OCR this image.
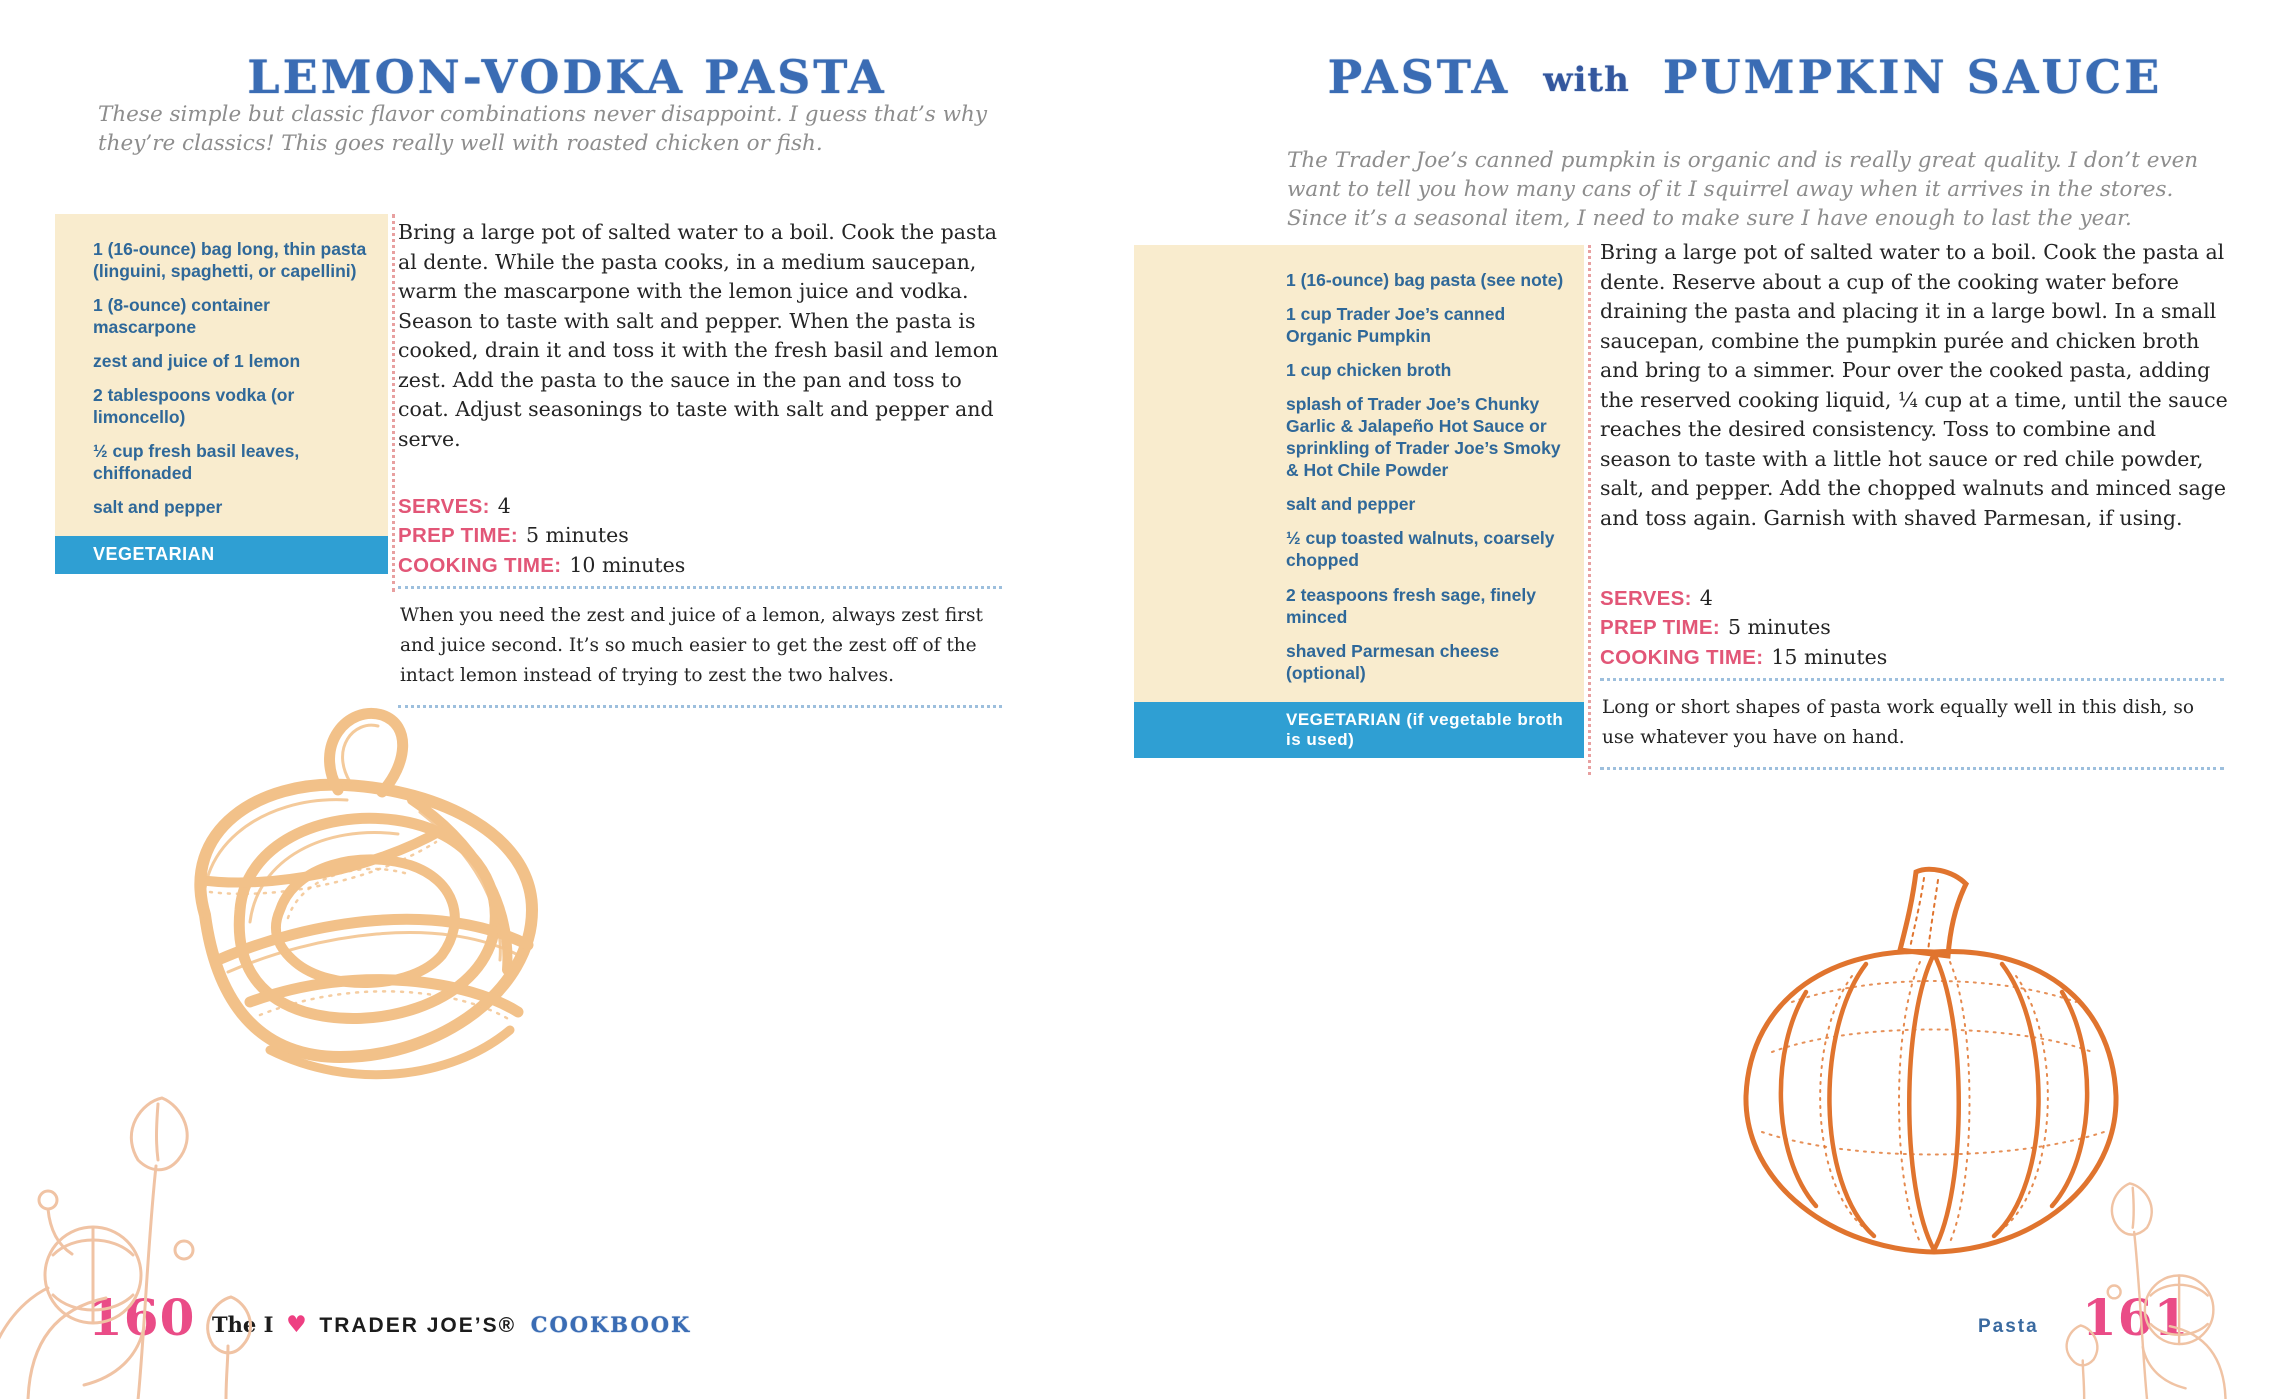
LEMON-VODKA PASTA
These simple but classic flavor combinations never disappoint. I guess that’s why they’re classics! This goes really well with roasted chicken or fish.
1 (16-ounce) bag long, thin pasta (linguini, spaghetti, or capellini)
1 (8-ounce) container mascarpone
zest and juice of 1 lemon
2 tablespoons vodka (or limoncello)
½ cup fresh basil leaves, chiffonaded
salt and pepper
VEGETARIAN
Bring a large pot of salted water to a boil. Cook the pasta al dente. While the pasta cooks, in a medium saucepan, warm the mascarpone with the lemon juice and vodka. Season to taste with salt and pepper. When the pasta is cooked, drain it and toss it with the fresh basil and lemon zest. Add the pasta to the sauce in the pan and toss to coat. Adjust seasonings to taste with salt and pepper and serve.
SERVES: 4
PREP TIME: 5 minutes
COOKING TIME: 10 minutes
When you need the zest and juice of a lemon, always zest first and juice second. It’s so much easier to get the zest off of the intact lemon instead of trying to zest the two halves.
160 The I ♥ TRADER JOE’S® COOKBOOK
PASTA with PUMPKIN SAUCE
The Trader Joe’s canned pumpkin is organic and is really great quality. I don’t even want to tell you how many cans of it I squirrel away when it arrives in the stores. Since it’s a seasonal item, I need to make sure I have enough to last the year.
1 (16-ounce) bag pasta (see note)
1 cup Trader Joe’s canned Organic Pumpkin
1 cup chicken broth
splash of Trader Joe’s Chunky Garlic & Jalapeño Hot Sauce or sprinkling of Trader Joe’s Smoky & Hot Chile Powder
salt and pepper
½ cup toasted walnuts, coarsely chopped
2 teaspoons fresh sage, finely minced
shaved Parmesan cheese (optional)
VEGETARIAN (if vegetable broth is used)
Bring a large pot of salted water to a boil. Cook the pasta al dente. Reserve about a cup of the cooking water before draining the pasta and placing it in a large bowl. In a small saucepan, combine the pumpkin purée and chicken broth and bring to a simmer. Pour over the cooked pasta, adding the reserved cooking liquid, ¼ cup at a time, until the sauce reaches the desired consistency. Toss to combine and season to taste with a little hot sauce or red chile powder, salt, and pepper. Add the chopped walnuts and minced sage and toss again. Garnish with shaved Parmesan, if using.
SERVES: 4
PREP TIME: 5 minutes
COOKING TIME: 15 minutes
Long or short shapes of pasta work equally well in this dish, so use whatever you have on hand.
Pasta 161
